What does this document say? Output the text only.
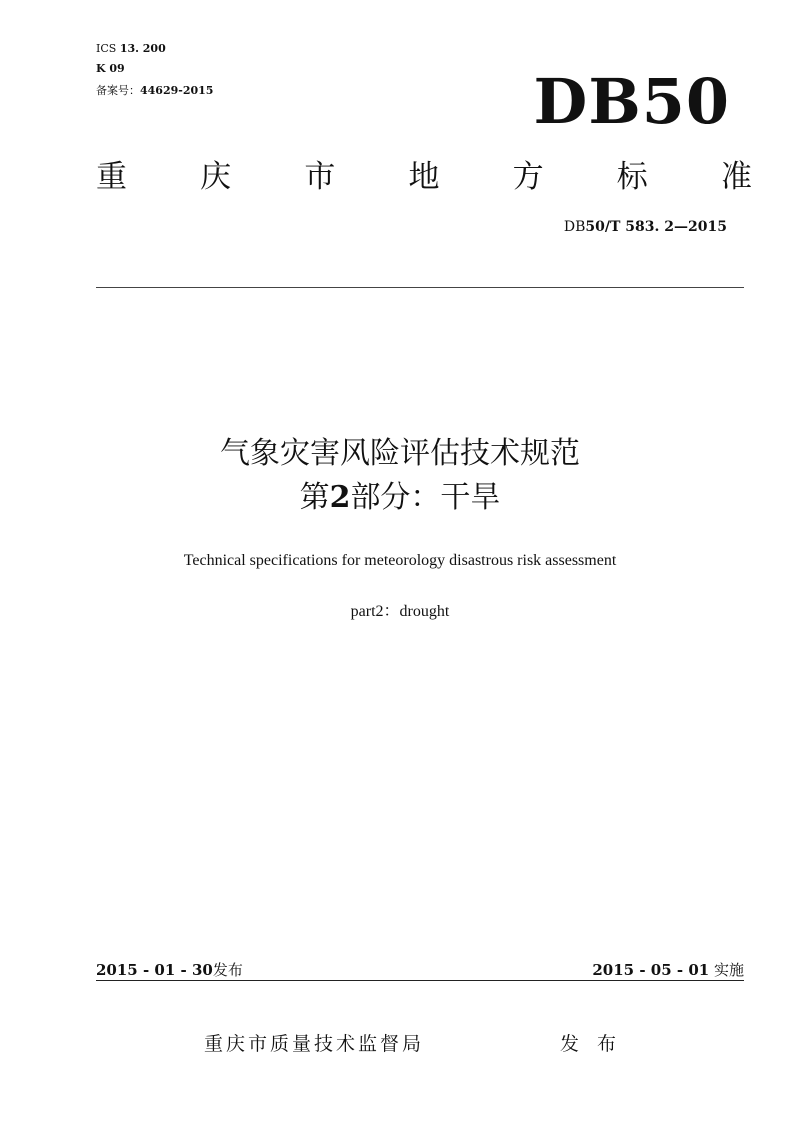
ICS 13. 200
K 09
备案号：44629-2015	DB50
重 庆 市 地 方 标 准
DB50/T 583. 2—2015
气象灾害风险评估技术规范
第2部分：干旱
Technical specifications for meteorology disastrous risk assessment
part2：drought
2015 - 01 - 30发布	2015 - 05 - 01 实施
重庆市质量技术监督局	发 布
